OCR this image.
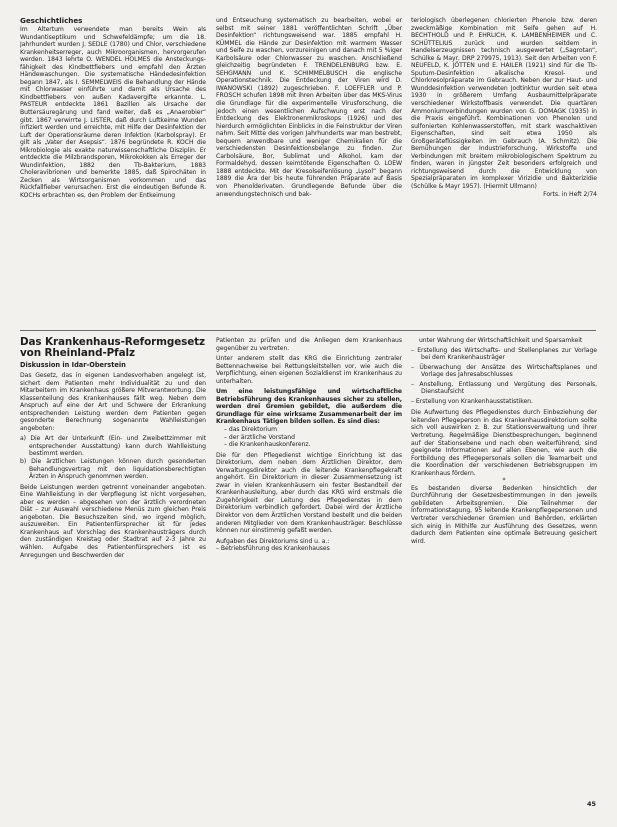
Geschichtliches

Im Altertum verwendete man bereits Wein als Wundantiseptikum und Schwefeldämpfe; um die 18. Jahrhundert wurden J. SEDLE (1780) und Chlor, verschiedene Krankenheitserreger, auch Mikroorganismen, hervorgerufen werden. 1843 lehrte O. WENDEL HOLMES die Ansteckungsfähigkeit des Kindbettfiebers und empfahl den Ärzten Händewaschungen. Die systematische Händedesinfektion begann 1847, als I. SEMMELWEIS die Behandlung der Hände mit Chlorwasser einführte und damit als Ursache des Kindbettfiebers von außen Kadavergifte erkannte. L. PASTEUR entdeckte 1861 Bazillen als Ursache der Buttersäuregärung und fand weiter, daß es „Anaerobier“ gibt. 1867 verwirrte J. LISTER, daß durch Luftkeime Wunden infiziert werden und erreichte, mit Hilfe der Desinfektion der Luft der Operationsräume deren Infektion (Karbolspray). Er gilt als „Vater der Asepsis“. 1876 begründete R. KOCH die Mikrobiologie als exakte naturwissenschaftliche Disziplin. Er entdeckte die Milzbrandsporen, Mikrokokken als Erreger der Wundinfektion, 1882 den Tb-Bakterium, 1883 Choleravibrionen und bemerkte 1885, daß Spirochäten in Zecken als Wirtsorganismen vorkommen und das Rückfallfieber verursachen. Erst die eindeutigen Befunde R. KOCHs erbrachten es, den Problem der Entkeimung

und Entseuchung systematisch zu bearbeiten, wobei er selbst mit seiner 1881 veröffentlichten Schrift „Über Desinfektion“ richtungsweisend war. 1885 empfahl H. KÜMMEL die Hände zur Desinfektion mit warmem Wasser und Seife zu waschen, vorzureinigen und danach mit 5 %iger Karbolsäure oder Chlorwasser zu waschen. Anschließend gleichzeitig begründeten F. TRENDELENBURG bzw. E. SEHGMANN und K. SCHIMMELBUSCH die englische Operationstechnik. Die Entdeckung der Viren wird D. IWANOWSKI (1892) zugeschrieben. F. LOEFFLER und P. FROSCH schufen 1898 mit ihren Arbeiten über das MKS-Virus die Grundlage für die experimentelle Virusforschung, die jedoch einen wesentlichen Aufschwung erst nach der Entdeckung des Elektronenmikroskops (1926) und des hierdurch ermöglichten Einblicks in die Feinstruktur der Viren nahm. Seit Mitte des vorigen Jahrhunderts war man bestrebt, bequem anwendbare und weniger Chemikalien für die verschiedensten Desinfektionsbelange zu finden. Zur Carbolsäure, Bor, Sublimat und Alkohol, kam der Formaldehyd, dessen keimtötende Eigenschaften O. LOEW 1888 entdeckte. Mit der Kresolseifenlösung „Lysol“ begann 1889 die Ära der bis heute führenden Präparate auf Basis von Phenolderivaten. Grundlegende Befunde über die anwendungstechnisch und bak-

teriologisch überlegenen chlorierten Phenole bzw. deren zweckmäßige Kombination mit Seife gehen auf H. BECHTHOLD und P. EHRLICH, K. LAMBENHEIMER und C. SCHÜTTELIUS zurück und wurden seitdem in Handelserzeugnissen technisch ausgewertet („Sagrotan“, Schülke & Mayr, DRP 279975, 1913). Seit den Arbeiten von F. NEUFELD, K. JÖTTEN und E. HAILER (1921) sind für die Tb-Sputum-Desinfektion alkalische Kresol- und Chlorkresolpräparate im Gebrauch. Neben der zur Haut- und Wunddesinfektion verwendeten Jodtinktur wurden seit etwa 1930 in größerem Umfang Ausbaumittelpräparate verschiedener Wirkstoffbasis verwendet. Die quartären Ammoniumverbindungen wurden von G. DOMAGK (1935) in die Praxis eingeführt. Kombinationen von Phenolen und sulfonierten Kohlenwasserstoffen, mit stark waschaktiven Eigenschaften, sind seit etwa 1950 als Großgeräteflüssigkeiten im Gebrauch (A. Schmitz). Die Bemühungen der Industrieforschung, Wirkstoffe und Verbindungen mit breitem mikrobiologischem Spektrum zu finden, waren in jüngster Zeit besonders erfolgreich und richtungsweisend durch die Entwicklung von Spezialpräparaten im komplexer Virizidie und Bakterizidie (Schülke & Mayr 1957). (Hiermit Ullmann)

Forts. in Heft 2/74

Das Krankenhaus-Reformgesetz von Rheinland-Pfalz
Diskussion in Idar-Oberstein

Das Gesetz, das in eigenen Landesvorhaben angelegt ist, sichert dem Patienten mehr Individualität zu und den Mitarbeitern im Krankenhaus größere Mitverantwortung. Die Klassenteilung des Krankenhauses fällt weg. Neben dem Anspruch auf eine der Art und Schwere der Erkrankung entsprechenden Leistung werden dem Patienten gegen gesonderte Berechnung sogenannte Wahlleistungen angeboten:

a) Die Art der Unterkunft (Ein- und Zweibettzimmer mit entsprechender Ausstattung) kann durch Wahlleistung bestimmt werden.

b) Die ärztlichen Leistungen können durch gesonderten Behandlungsvertrag mit den liquidationsberechtigten Ärzten in Anspruch genommen werden.

Beide Leistungen werden getrennt voneinander angeboten. Eine Wahlleistung in der Verpflegung ist nicht vorgesehen, aber es werden – abgesehen von der ärztlich verordneten Diät – zur Auswahl verschiedene Menüs zum gleichen Preis angeboten. Die Besuchszeiten sind, wo irgend möglich, auszuweiten. Ein Patientenfürsprecher ist für jedes Krankenhaus auf Vorschlag des Krankenhausträgers durch den zuständigen Kreistag oder Stadtrat auf 2-3 Jahre zu wählen. Aufgabe des Patientenfürsprechers ist es Anregungen und Beschwerden der

Patienten zu prüfen und die Anliegen dem Krankenhaus gegenüber zu vertreten.

Unter anderem stellt das KRG die Einrichtung zentraler Bettennachweise bei Rettungsleitstellen vor, wie auch die Verpflichtung, einen eigenen Sozialdienst im Krankenhaus zu unterhalten.

Um eine leistungsfähige und wirtschaftliche Betriebsführung des Krankenhauses sicher zu stellen, werden drei Gremien gebildet, die außerdem die Grundlage für eine wirksame Zusammenarbeit der im Krankenhaus Tätigen bilden sollen. Es sind dies:

– das Direktorium

– der ärztliche Vorstand

– die Krankenhauskonferenz.

Die für den Pflegedienst wichtige Einrichtung ist das Direktorium, dem neben dem Ärztlichen Direktor, dem Verwaltungsdirektor auch die leitende Krankenpflegekraft angehört. Ein Direktorium in dieser Zusammensetzung ist zwar in vielen Krankenhäusern ein fester Bestandteil der Krankenhausleitung, aber durch das KRG wird erstmals die Zugehörigkeit der Leitung des Pflegedienstes in dem Direktorium verbindlich gefordert. Dabei wird der Ärztliche Direktor von dem Ärztlichen Vorstand bestellt und die beiden anderen Mitglieder von dem Krankenhausträger. Beschlüsse können nur einstimmig gefaßt werden.

Aufgaben des Direktoriums sind u. a.:

– Betriebsführung des Krankenhauses

unter Wahrung der Wirtschaftlichkeit und Sparsamkeit

– Erstellung des Wirtschafts- und Stellenplanes zur Vorlage bei dem Krankenhausträger

– Überwachung der Ansätze des Wirtschaftsplanes und Vorlage des Jahresabschlusses

– Anstellung, Entlassung und Vergütung des Personals, Dienstaufsicht

– Erstellung von Krankenhausstatistiken.

Die Aufwertung des Pflegedienstes durch Einbeziehung der leitenden Pflegeperson in das Krankenhausdirektorium sollte sich voll auswirken z. B. zur Stationsverwaltung und ihrer Vertretung. Regelmäßige Dienstbesprechungen, beginnend auf der Stationsebene und nach oben weiterführend, sind geeignete Informationen auf allen Ebenen, wie auch die Fortbildung des Pflegepersonals sollen die Teamarbeit und die Koordination der verschiedenen Betriebsgruppen im Krankenhaus fördern.

*

Es bestanden diverse Bedenken hinsichtlich der Durchführung der Gesetzesbestimmungen in den jeweils gebildeten Arbeitsgremien. Die Teilnehmer der Informationstagung, 95 leitende Krankenpflegepersonen und Vertreter verschiedener Gremien und Behörden, erklärten sich einig in Mithilfe zur Ausführung des Gesetzes, wenn dadurch dem Patienten eine optimale Betreuung gesichert wird.

45
